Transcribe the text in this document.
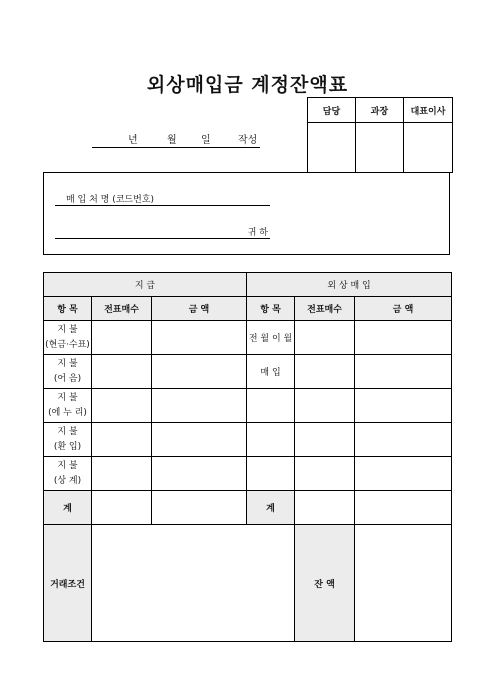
외상매입금 계정잔액표
년	월 일	작성
담당	과장	대표이사

매 입 처 명 (코드번호)
귀 하
지 급			외 상 매 입		
항 목	전표매수	금 액	항 목	전표매수	금 액
지 불
(현금·수표)			전 월 이 월		
지 불
(어 음)			매 입		
지 불
(에 누 리)					
지 불
(환 입)					
지 불
(상 계)					
계			계		
거래조건				잔 액	
